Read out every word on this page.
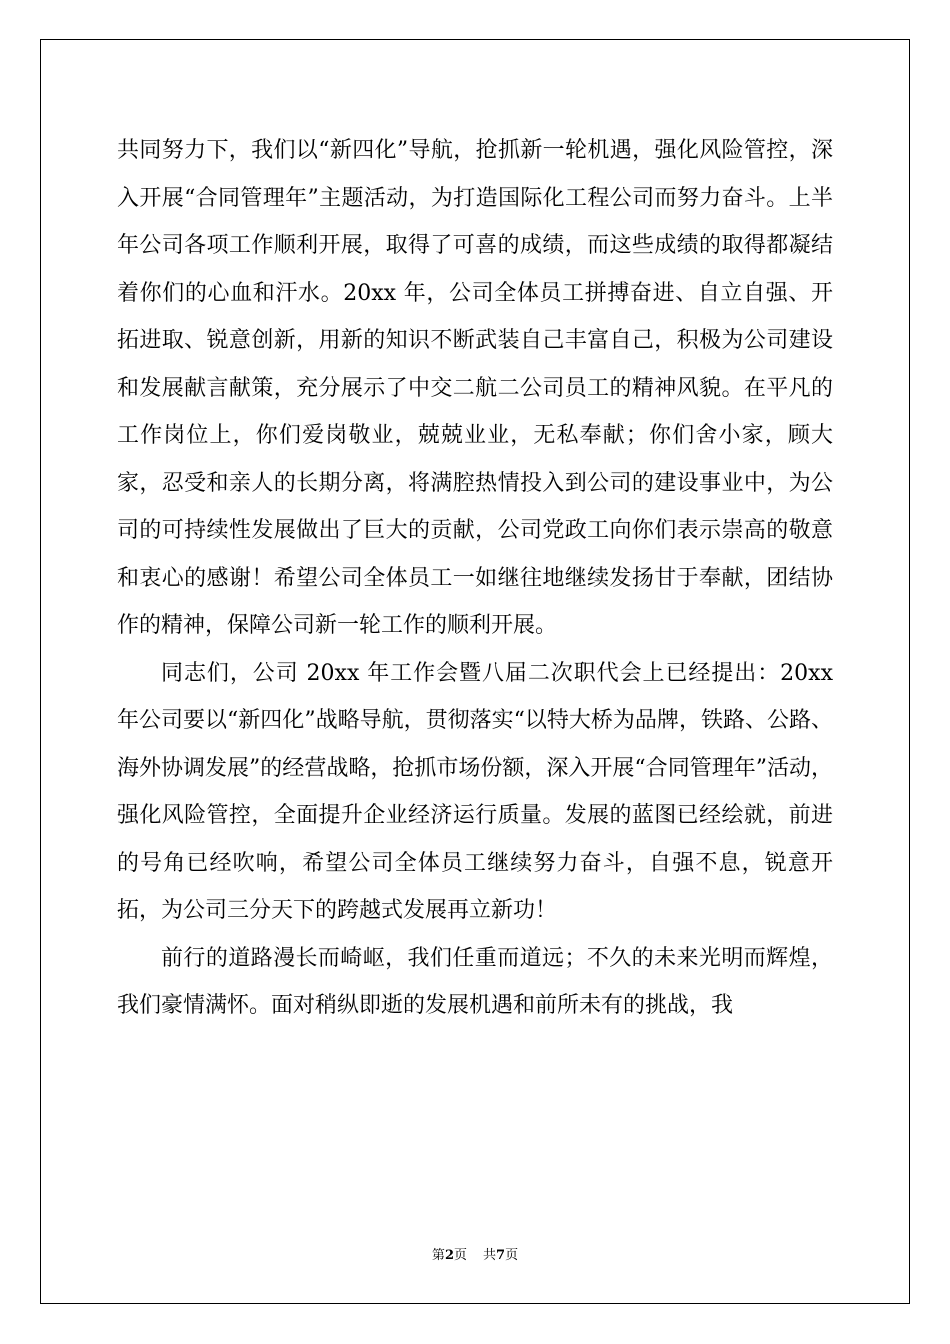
共同努力下，我们以“新四化”导航，抢抓新一轮机遇，强化风险管控，深入开展“合同管理年”主题活动，为打造国际化工程公司而努力奋斗。上半年公司各项工作顺利开展，取得了可喜的成绩，而这些成绩的取得都凝结着你们的心血和汗水。20xx 年，公司全体员工拼搏奋进、自立自强、开拓进取、锐意创新，用新的知识不断武装自己丰富自己，积极为公司建设和发展献言献策，充分展示了中交二航二公司员工的精神风貌。在平凡的工作岗位上，你们爱岗敬业，兢兢业业，无私奉献；你们舍小家，顾大家，忍受和亲人的长期分离，将满腔热情投入到公司的建设事业中，为公司的可持续性发展做出了巨大的贡献，公司党政工向你们表示崇高的敬意和衷心的感谢！希望公司全体员工一如继往地继续发扬甘于奉献，团结协作的精神，保障公司新一轮工作的顺利开展。

同志们，公司 20xx 年工作会暨八届二次职代会上已经提出：20xx 年公司要以“新四化”战略导航，贯彻落实“以特大桥为品牌，铁路、公路、海外协调发展”的经营战略，抢抓市场份额，深入开展“合同管理年”活动，强化风险管控，全面提升企业经济运行质量。发展的蓝图已经绘就，前进的号角已经吹响，希望公司全体员工继续努力奋斗，自强不息，锐意开拓，为公司三分天下的跨越式发展再立新功！

前行的道路漫长而崎岖，我们任重而道远；不久的未来光明而辉煌，我们豪情满怀。面对稍纵即逝的发展机遇和前所未有的挑战，我

第2页 共7页
